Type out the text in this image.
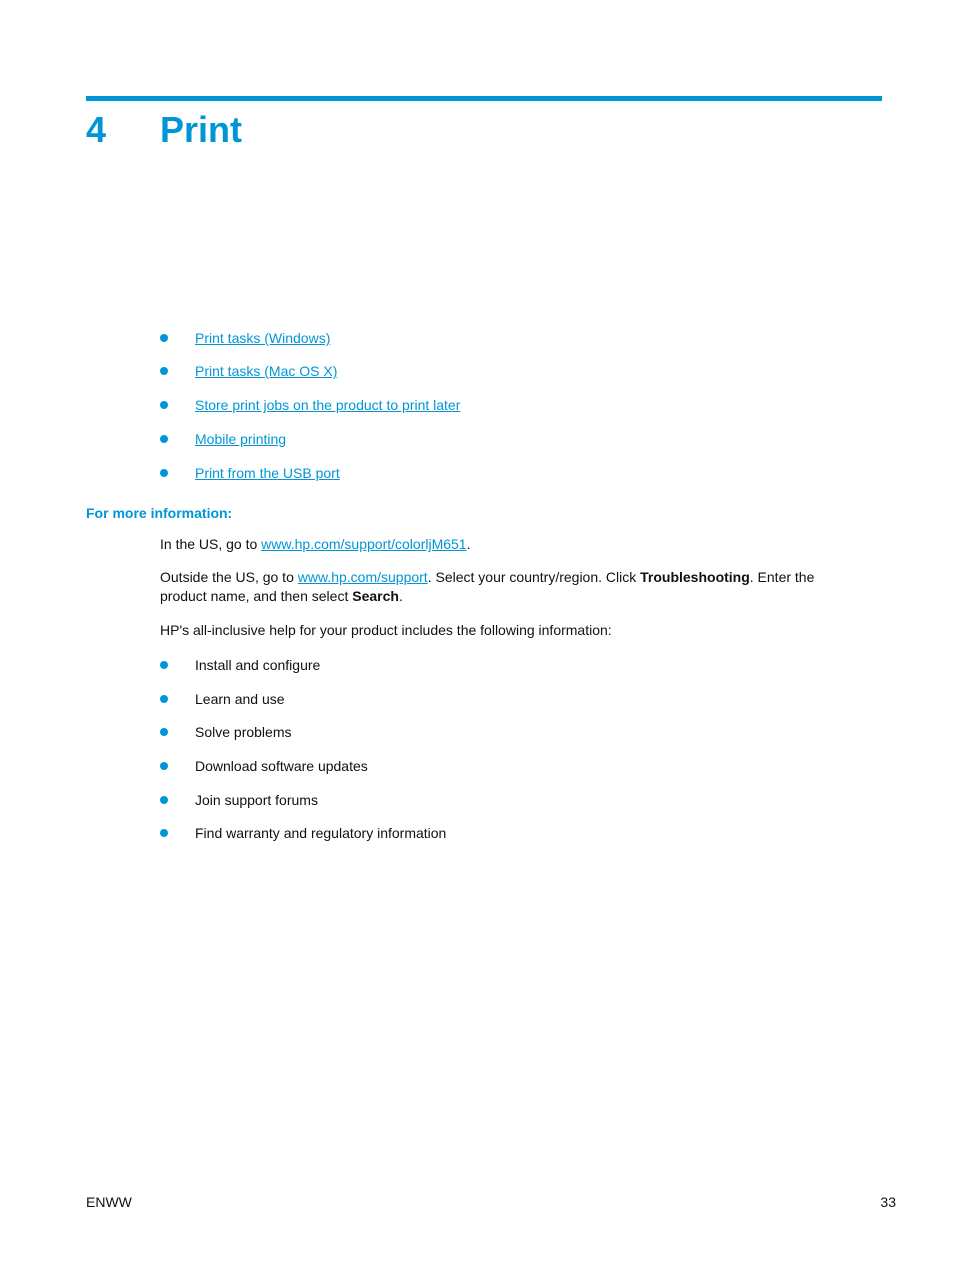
4 Print
Print tasks (Windows)
Print tasks (Mac OS X)
Store print jobs on the product to print later
Mobile printing
Print from the USB port
For more information:
In the US, go to www.hp.com/support/colorljM651.
Outside the US, go to www.hp.com/support. Select your country/region. Click Troubleshooting. Enter the product name, and then select Search.
HP's all-inclusive help for your product includes the following information:
Install and configure
Learn and use
Solve problems
Download software updates
Join support forums
Find warranty and regulatory information
ENWW	33
